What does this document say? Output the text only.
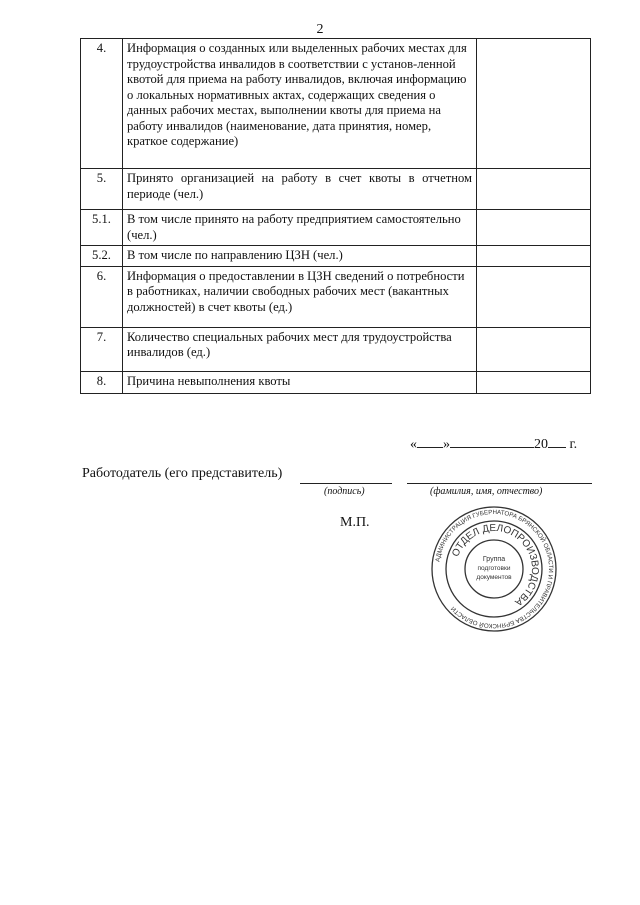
2
4.	Информация о созданных или выделенных рабочих местах для трудоустройства инвалидов в соответствии с установ-ленной квотой для приема на работу инвалидов, включая информацию о локальных нормативных актах, содержащих сведения о данных рабочих местах, выполнении квоты для приема на работу инвалидов (наименование, дата принятия, номер, краткое содержание)	
5.	Принято организацией на работу в счет квоты в отчетном периоде (чел.)	
5.1.	В том числе принято на работу предприятием самостоятельно (чел.)	
5.2.	В том числе по направлению ЦЗН (чел.)	
6.	Информация о предоставлении в ЦЗН сведений о потребности в работниках, наличии свободных рабочих мест (вакантных должностей) в счет квоты (ед.)	
7.	Количество специальных рабочих мест для трудоустройства инвалидов (ед.)	
8.	Причина невыполнения квоты	
« »	20 г.
Работодатель (его представитель)
(подпись)	(фамилия, имя, отчество)
М.П.
АДМИНИСТРАЦИЯ ГУБЕРНАТОРА БРЯНСКОЙ ОБЛАСТИ И ПРАВИТЕЛЬСТВА БРЯНСКОЙ ОБЛАСТИ
ОТДЕЛ ДЕЛОПРОИЗВОДСТВА
Группа
подготовки
документов
